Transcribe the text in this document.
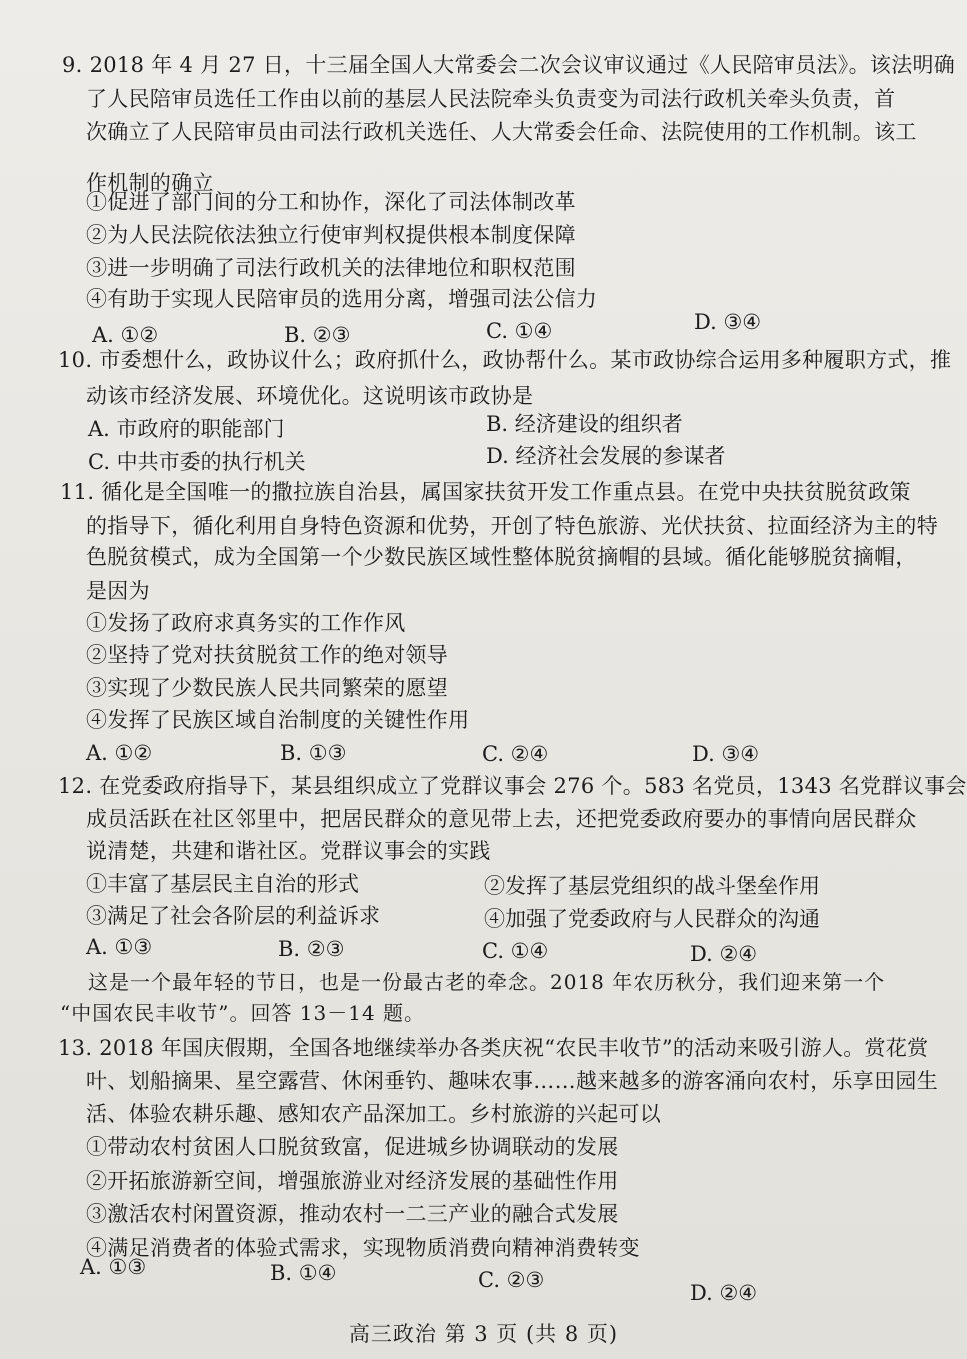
9. 2018 年 4 月 27 日，十三届全国人大常委会二次会议审议通过《人民陪审员法》。该法明确
了人民陪审员选任工作由以前的基层人民法院牵头负责变为司法行政机关牵头负责，首
次确立了人民陪审员由司法行政机关选任、人大常委会任命、法院使用的工作机制。该工
作机制的确立
①促进了部门间的分工和协作，深化了司法体制改革
②为人民法院依法独立行使审判权提供根本制度保障
③进一步明确了司法行政机关的法律地位和职权范围
④有助于实现人民陪审员的选用分离，增强司法公信力
A. ①②	B. ②③	C. ①④	D. ③④
10. 市委想什么，政协议什么；政府抓什么，政协帮什么。某市政协综合运用多种履职方式，推
动该市经济发展、环境优化。这说明该市政协是
A. 市政府的职能部门	B. 经济建设的组织者
C. 中共市委的执行机关	D. 经济社会发展的参谋者
11. 循化是全国唯一的撒拉族自治县，属国家扶贫开发工作重点县。在党中央扶贫脱贫政策
的指导下，循化利用自身特色资源和优势，开创了特色旅游、光伏扶贫、拉面经济为主的特
色脱贫模式，成为全国第一个少数民族区域性整体脱贫摘帽的县域。循化能够脱贫摘帽，
是因为
①发扬了政府求真务实的工作作风
②坚持了党对扶贫脱贫工作的绝对领导
③实现了少数民族人民共同繁荣的愿望
④发挥了民族区域自治制度的关键性作用
A. ①②	B. ①③	C. ②④	D. ③④
12. 在党委政府指导下，某县组织成立了党群议事会 276 个。583 名党员，1343 名党群议事会
成员活跃在社区邻里中，把居民群众的意见带上去，还把党委政府要办的事情向居民群众
说清楚，共建和谐社区。党群议事会的实践
①丰富了基层民主自治的形式	②发挥了基层党组织的战斗堡垒作用
③满足了社会各阶层的利益诉求	④加强了党委政府与人民群众的沟通
A. ①③	B. ②③	C. ①④	D. ②④
这是一个最年轻的节日，也是一份最古老的牵念。2018 年农历秋分，我们迎来第一个
“中国农民丰收节”。回答 13－14 题。
13. 2018 年国庆假期，全国各地继续举办各类庆祝“农民丰收节”的活动来吸引游人。赏花赏
叶、划船摘果、星空露营、休闲垂钓、趣味农事……越来越多的游客涌向农村，乐享田园生
活、体验农耕乐趣、感知农产品深加工。乡村旅游的兴起可以
①带动农村贫困人口脱贫致富，促进城乡协调联动的发展
②开拓旅游新空间，增强旅游业对经济发展的基础性作用
③激活农村闲置资源，推动农村一二三产业的融合式发展
④满足消费者的体验式需求，实现物质消费向精神消费转变
A. ①③	B. ①④	C. ②③
D. ②④
高三政治 第 3 页 (共 8 页)
